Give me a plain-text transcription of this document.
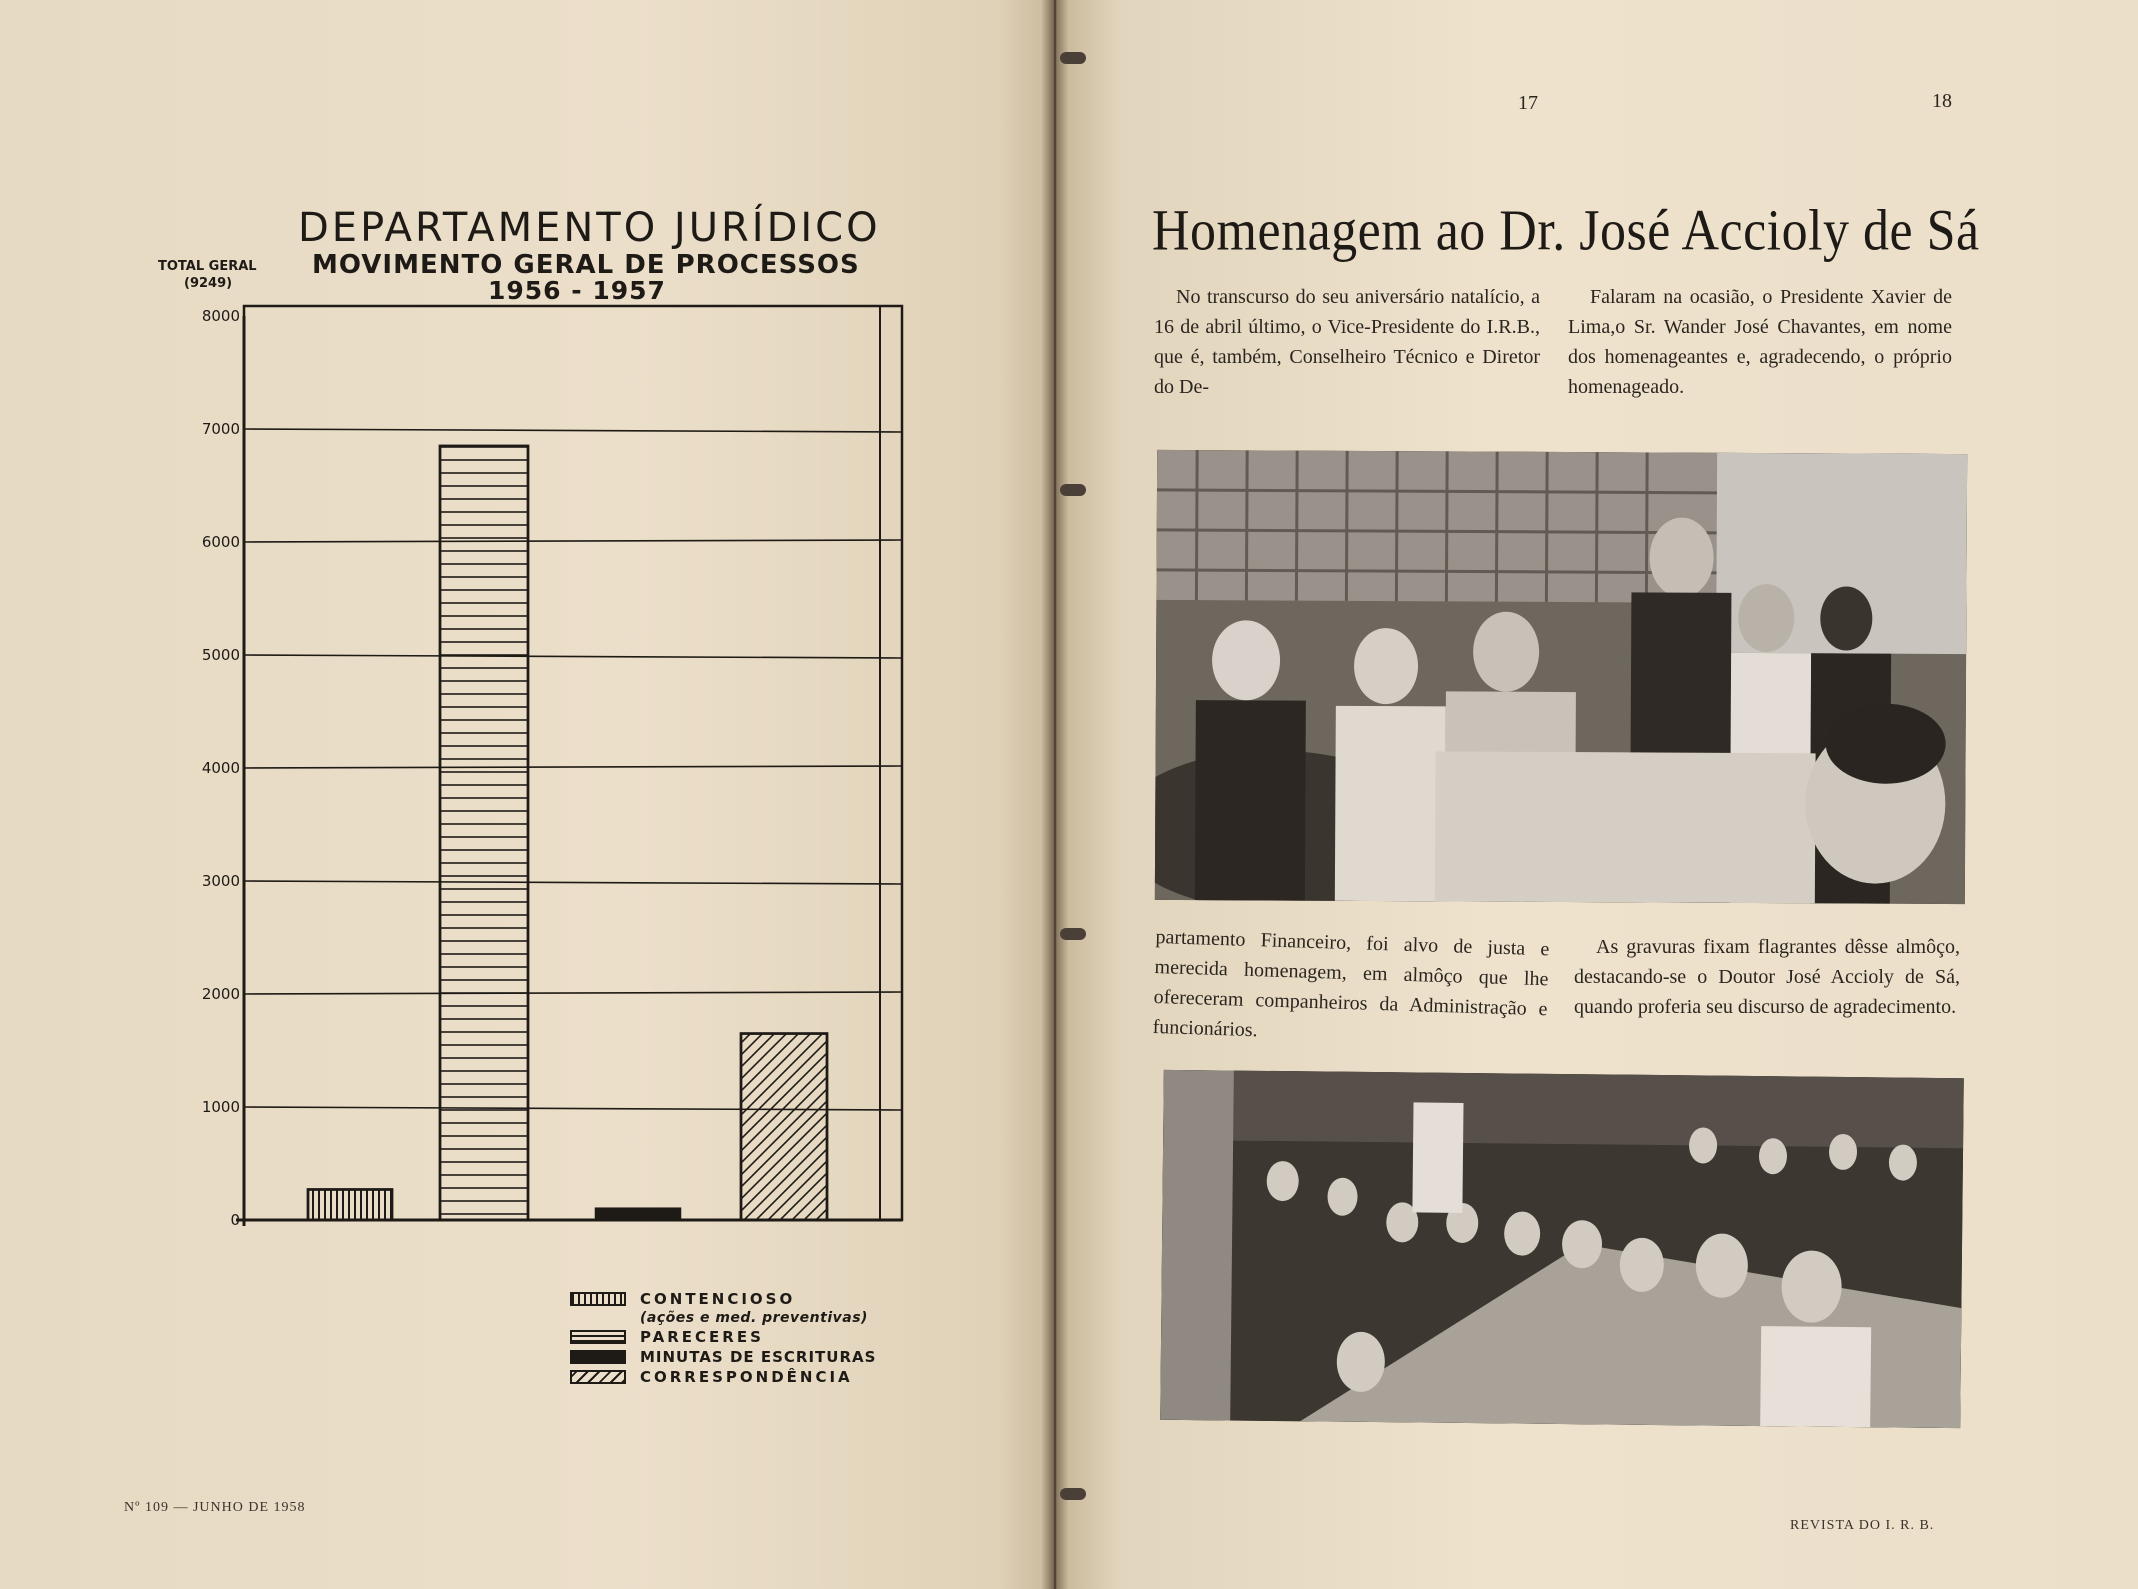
DEPARTAMENTO JURÍDICO
MOVIMENTO GERAL DE PROCESSOS
1956 - 1957
TOTAL GERAL
(9249)
0
1000
2000
3000
4000
5000
6000
7000
8000
CONTENCIOSO
(ações e med. preventivas)
PARECERES
MINUTAS DE ESCRITURAS
CORRESPONDÊNCIA
Nº 109 — JUNHO DE 1958
17	18
Homenagem ao Dr. José Accioly de Sá

No transcurso do seu aniversário natalício, a 16 de abril último, o Vice-Presidente do I.R.B., que é, também, Conselheiro Técnico e Diretor do De-

Falaram na ocasião, o Presidente Xavier de Lima,o Sr. Wander José Chavantes, em nome dos homenageantes e, agradecendo, o próprio homenageado.

partamento Financeiro, foi alvo de justa e merecida homenagem, em almôço que lhe ofereceram companheiros da Administração e funcionários.

As gravuras fixam flagrantes dêsse almôço, destacando-se o Doutor José Accioly de Sá, quando proferia seu discurso de agradecimento.

REVISTA DO I. R. B.
